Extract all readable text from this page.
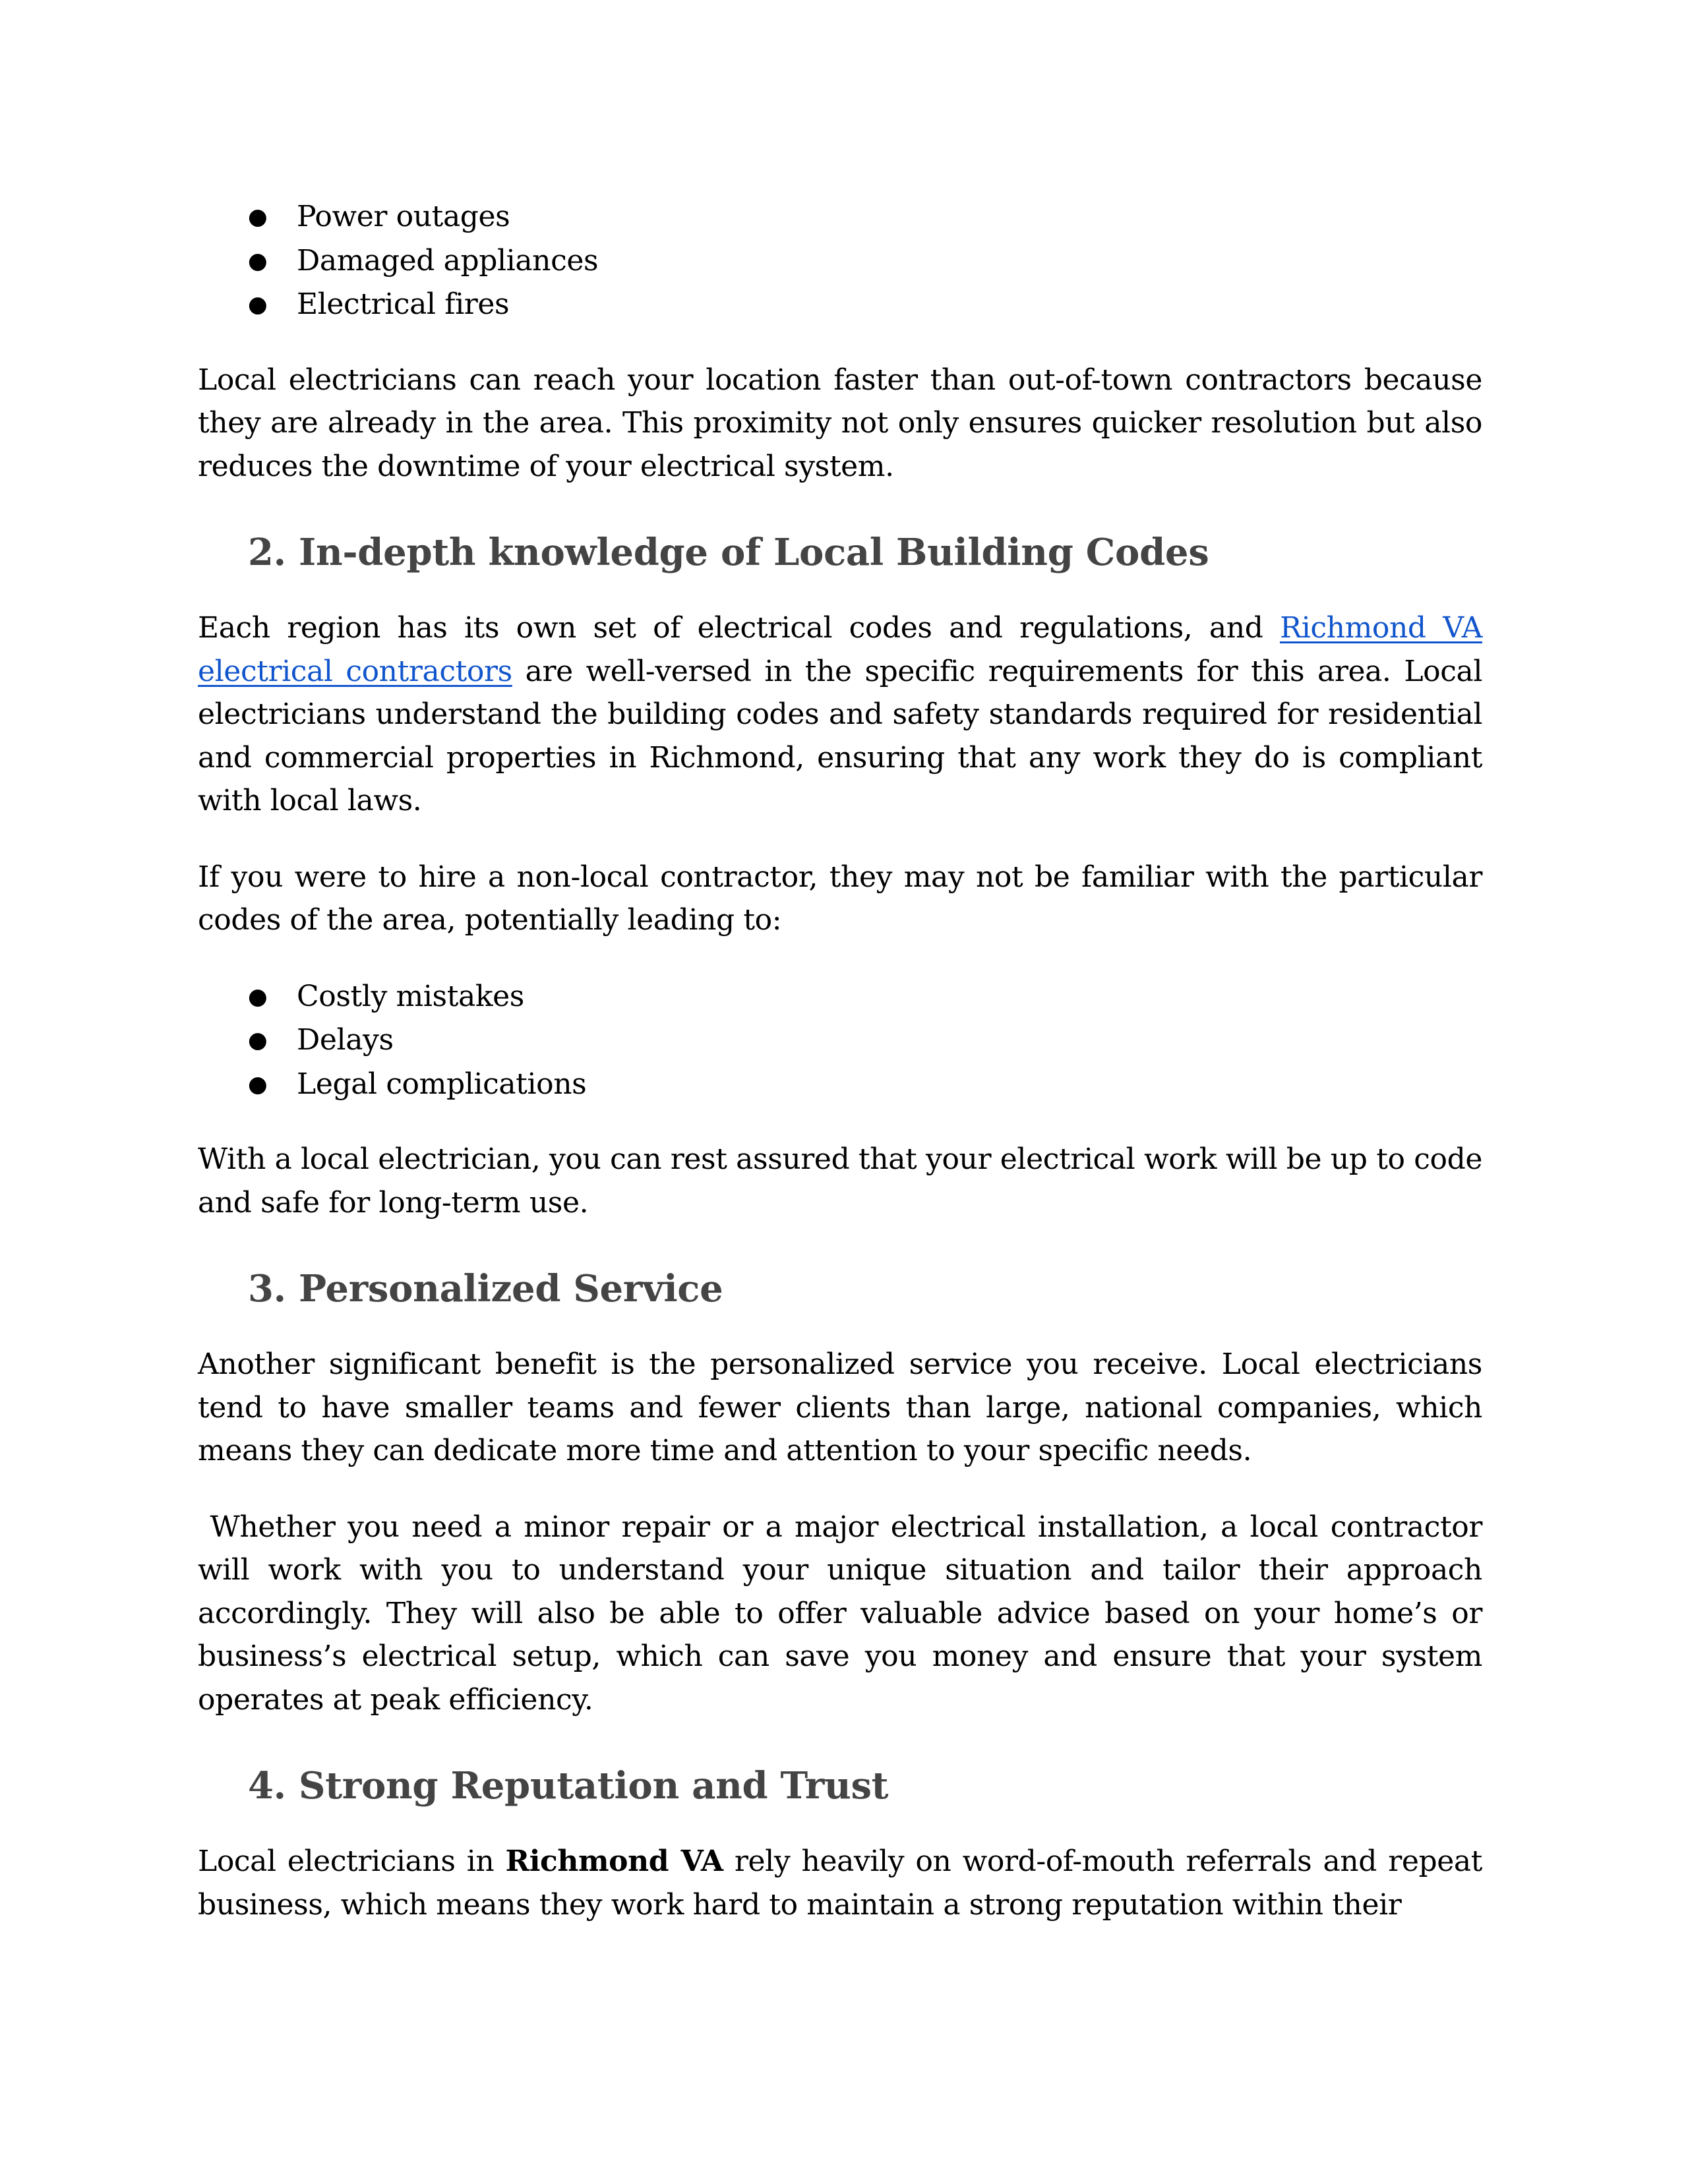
● Power outages
● Damaged appliances
● Electrical fires

Local electricians can reach your location faster than out-of-town contractors because they are already in the area. This proximity not only ensures quicker resolution but also reduces the downtime of your electrical system.

2. In-depth knowledge of Local Building Codes

Each region has its own set of electrical codes and regulations, and Richmond VA electrical contractors are well-versed in the specific requirements for this area. Local electricians understand the building codes and safety standards required for residential and commercial properties in Richmond, ensuring that any work they do is compliant with local laws.

If you were to hire a non-local contractor, they may not be familiar with the particular codes of the area, potentially leading to:

● Costly mistakes
● Delays
● Legal complications

With a local electrician, you can rest assured that your electrical work will be up to code and safe for long-term use.

3. Personalized Service

Another significant benefit is the personalized service you receive. Local electricians tend to have smaller teams and fewer clients than large, national companies, which means they can dedicate more time and attention to your specific needs.

Whether you need a minor repair or a major electrical installation, a local contractor will work with you to understand your unique situation and tailor their approach accordingly. They will also be able to offer valuable advice based on your home’s or business’s electrical setup, which can save you money and ensure that your system operates at peak efficiency.

4. Strong Reputation and Trust

Local electricians in Richmond VA rely heavily on word-of-mouth referrals and repeat business, which means they work hard to maintain a strong reputation within their
